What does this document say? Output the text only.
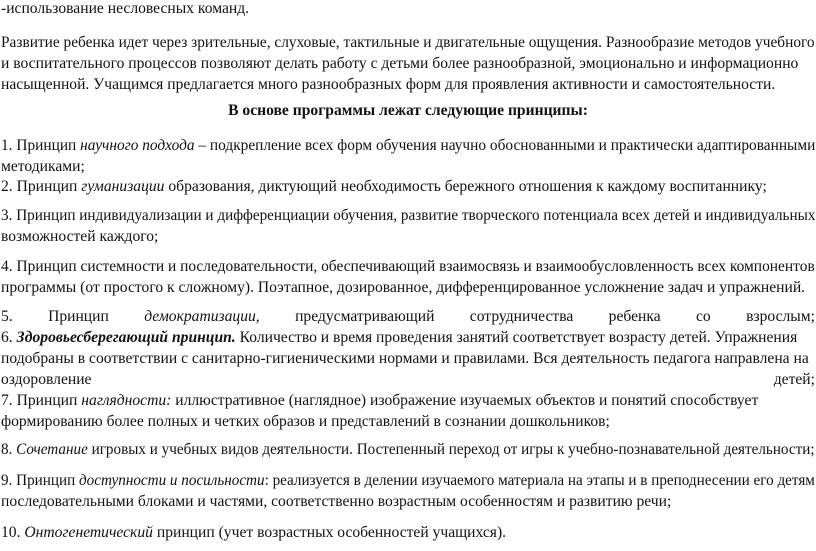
-использование несловесных команд.
Развитие ребенка идет через зрительные, слуховые, тактильные и двигательные ощущения. Разнообразие методов учебного
и воспитательного процессов позволяют делать работу с детьми более разнообразной, эмоционально и информационно
насыщенной. Учащимся предлагается много разнообразных форм для проявления активности и самостоятельности.
В основе программы лежат следующие принципы:
1. Принцип научного подхода – подкрепление всех форм обучения научно обоснованными и практически адаптированными
методиками;
2. Принцип гуманизации образования, диктующий необходимость бережного отношения к каждому воспитаннику;
3. Принцип индивидуализации и дифференциации обучения, развитие творческого потенциала всех детей и индивидуальных
возможностей каждого;
4. Принцип системности и последовательности, обеспечивающий взаимосвязь и взаимообусловленность всех компонентов
программы (от простого к сложному). Поэтапное, дозированное, дифференцированное усложнение задач и упражнений.
5. Принцип демократизации, предусматривающий сотрудничества ребенка со взрослым;
6. Здоровьесберегающий принцип. Количество и время проведения занятий соответствует возрасту детей. Упражнения
подобраны в соответствии с санитарно-гигиеническими нормами и правилами. Вся деятельность педагога направлена на
оздоровление	детей;
7. Принцип наглядности: иллюстративное (наглядное) изображение изучаемых объектов и понятий способствует
формированию более полных и четких образов и представлений в сознании дошкольников;
8. Сочетание игровых и учебных видов деятельности. Постепенный переход от игры к учебно-познавательной деятельности;
9. Принцип доступности и посильности: реализуется в делении изучаемого материала на этапы и в преподнесении его детям
последовательными блоками и частями, соответственно возрастным особенностям и развитию речи;
10. Онтогенетический принцип (учет возрастных особенностей учащихся).
